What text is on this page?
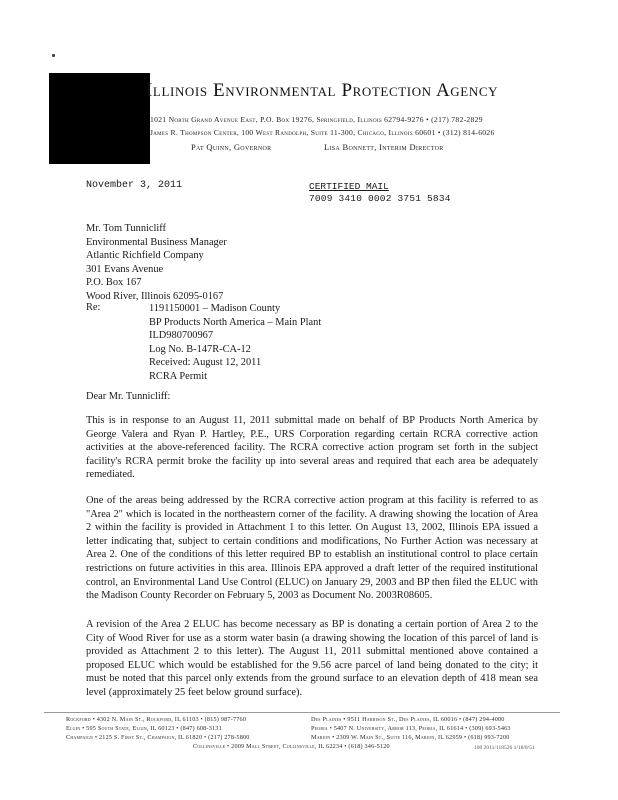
Illinois Environmental Protection Agency
1021 North Grand Avenue East, P.O. Box 19276, Springfield, Illinois 62794-9276 • (217) 782-2829
James R. Thompson Center, 100 West Randolph, Suite 11-300, Chicago, Illinois 60601 • (312) 814-6026
Pat Quinn, Governor	Lisa Bonnett, Interim Director
November 3, 2011	CERTIFIED MAIL
7009 3410 0002 3751 5834
Mr. Tom Tunnicliff
Environmental Business Manager
Atlantic Richfield Company
301 Evans Avenue
P.O. Box 167
Wood River, Illinois 62095-0167
Re:	1191150001 – Madison County
BP Products North America – Main Plant
ILD980700967
Log No. B-147R-CA-12
Received: August 12, 2011
RCRA Permit
Dear Mr. Tunnicliff:
This is in response to an August 11, 2011 submittal made on behalf of BP Products North America by George Valera and Ryan P. Hartley, P.E., URS Corporation regarding certain RCRA corrective action activities at the above-referenced facility. The RCRA corrective action program set forth in the subject facility's RCRA permit broke the facility up into several areas and required that each area be adequately remediated.
One of the areas being addressed by the RCRA corrective action program at this facility is referred to as "Area 2" which is located in the northeastern corner of the facility. A drawing showing the location of Area 2 within the facility is provided in Attachment 1 to this letter. On August 13, 2002, Illinois EPA issued a letter indicating that, subject to certain conditions and modifications, No Further Action was necessary at Area 2. One of the conditions of this letter required BP to establish an institutional control to place certain restrictions on future activities in this area. Illinois EPA approved a draft letter of the required institutional control, an Environmental Land Use Control (ELUC) on January 29, 2003 and BP then filed the ELUC with the Madison County Recorder on February 5, 2003 as Document No. 2003R08605.
A revision of the Area 2 ELUC has become necessary as BP is donating a certain portion of Area 2 to the City of Wood River for use as a storm water basin (a drawing showing the location of this parcel of land is provided as Attachment 2 to this letter). The August 11, 2011 submittal mentioned above contained a proposed ELUC which would be established for the 9.56 acre parcel of land being donated to the city; it must be noted that this parcel only extends from the ground surface to an elevation depth of 418 mean sea level (approximately 25 feet below ground surface).
Rockford • 4302 N. Main St., Rockford, IL 61103 • (815) 987-7760
Elgin • 595 South State, Elgin, IL 60123 • (847) 608-3131
Champaign • 2125 S. First St., Champaign, IL 61820 • (217) 278-5800
Des Plaines • 9511 Harrison St., Des Plaines, IL 60016 • (847) 294-4000
Peoria • 5407 N. University, Arbor 113, Peoria, IL 61614 • (309) 693-5463
Marion • 2309 W. Main St., Suite 116, Marion, IL 62959 • (618) 993-7200
Collinsville • 2009 Mall Street, Collinsville, IL 62234 • (618) 346-5120	100 2011/118526 1/18/8/51
